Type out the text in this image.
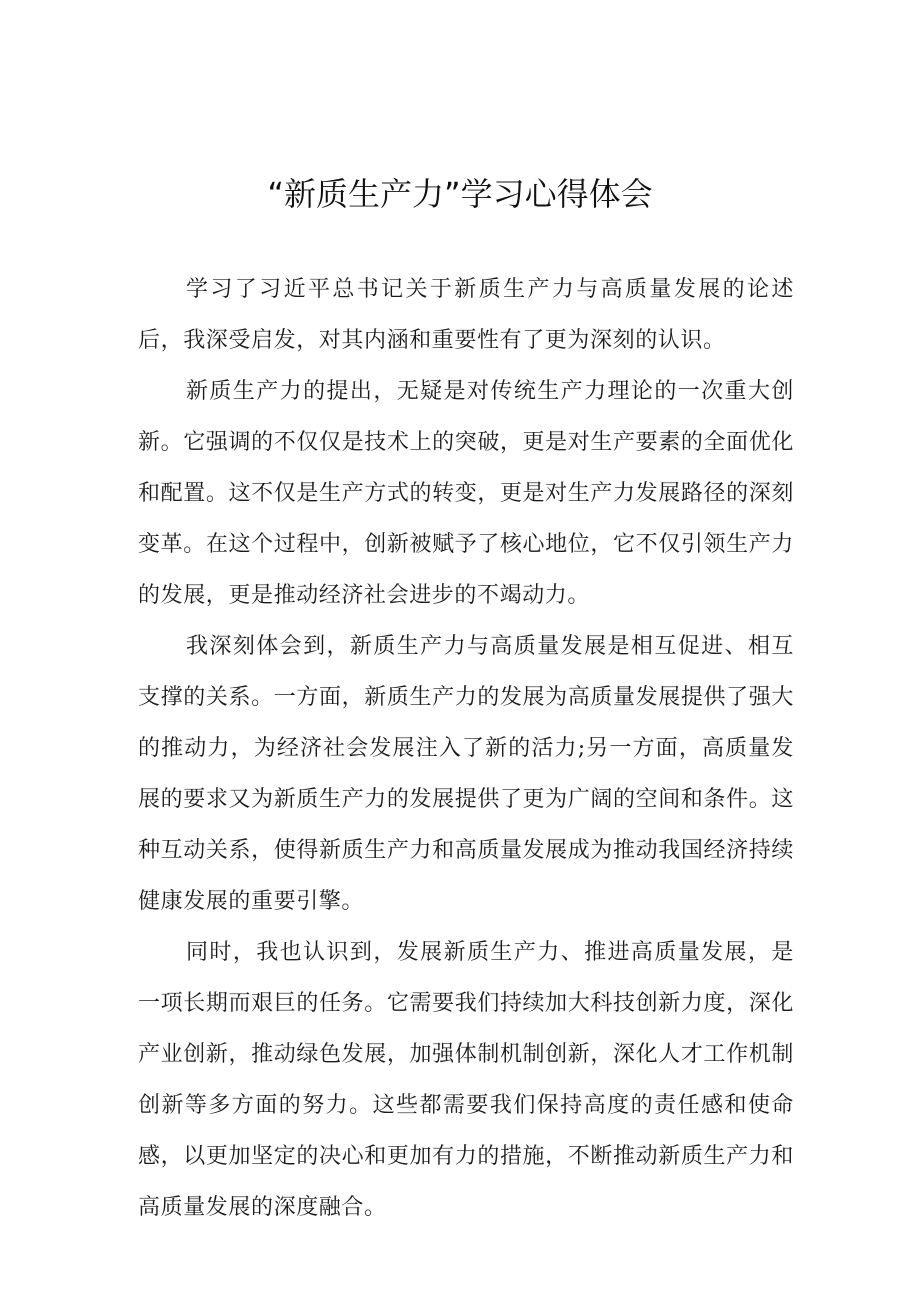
“新质生产力”学习心得体会

学习了习近平总书记关于新质生产力与高质量发展的论述后，我深受启发，对其内涵和重要性有了更为深刻的认识。

新质生产力的提出，无疑是对传统生产力理论的一次重大创新。它强调的不仅仅是技术上的突破，更是对生产要素的全面优化和配置。这不仅是生产方式的转变，更是对生产力发展路径的深刻变革。在这个过程中，创新被赋予了核心地位，它不仅引领生产力的发展，更是推动经济社会进步的不竭动力。

我深刻体会到，新质生产力与高质量发展是相互促进、相互支撑的关系。一方面，新质生产力的发展为高质量发展提供了强大的推动力，为经济社会发展注入了新的活力;另一方面，高质量发展的要求又为新质生产力的发展提供了更为广阔的空间和条件。这种互动关系，使得新质生产力和高质量发展成为推动我国经济持续健康发展的重要引擎。

同时，我也认识到，发展新质生产力、推进高质量发展，是一项长期而艰巨的任务。它需要我们持续加大科技创新力度，深化产业创新，推动绿色发展，加强体制机制创新，深化人才工作机制创新等多方面的努力。这些都需要我们保持高度的责任感和使命感，以更加坚定的决心和更加有力的措施，不断推动新质生产力和高质量发展的深度融合。
